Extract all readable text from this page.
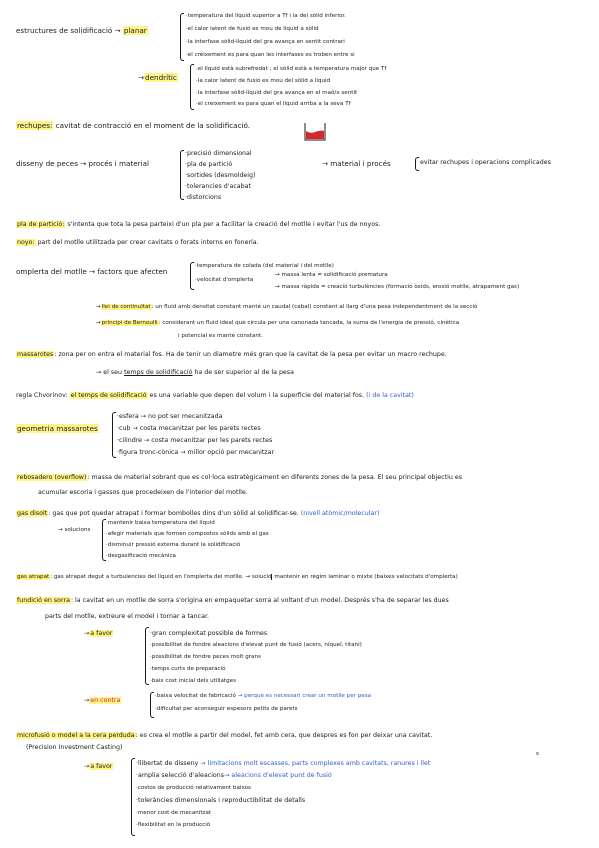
estructures de solidificació → planar
·temperatura del líquid superior a Tf i la del sòlid inferior.
·el calor latent de fusió es mou de líquid a sòlid
·la interfase sòlid-líquid del gra avança en sentit contrari
·el creixement es para quan les interfases es troben entre si
→dendrític
·el líquid està subrefredat ; el sòlid està a temperatura major que Tf
·la calor latent de fusió es mou del sòlid a líquid
·la interfase sòlid-líquid del gra avança en el maó/x sentit
·el creixement es para quan el líquid arriba a la seva Tf
rechupes: cavitat de contracció en el moment de la solidificació.
disseny de peces → procés i material
·precisió dimensional
·pla de partició
·sortides (desmoldeig)
·tolerancies d'acabat
·distorcions
→ material i procés	evitar rechupes i operacions complicades
pla de partició: s'intenta que tota la pesa parteixi d'un pla per a facilitar la creació del motlle i evitar l'us de noyos.
noyo: part del motlle utilitzada per crear cavitats o forats interns en fonería.
omplerta del motlle → factors que afecten
·temperatura de colada (del material i del motlle)
·velocitat d'omplerta
→ massa lenta = solidificació prematura
→ massa ràpida = creació turbulències (formació òxids, erosió motlle, atrapament gas)
→llei de continuïtat: un fluid amb densitat constant manté un caudal (cabal) constant al llarg d'una pesa independentment de la secció
→principi de Bernoulli: considerant un fluid ideal que circula per una canonada tancada, la suma de l'energia de pressió, cinètica
i potencial es manté constant.
massarotes: zona per on entra el material fos. Ha de tenir un diametre més gran que la cavitat de la pesa per evitar un macro rechupe.
→ el seu temps de solidificació ha de ser superior al de la pesa
regla Chvorinov: el temps de solidificació es una variable que depen del volum i la superficie del material fos. (i de la cavitat)
geometria massarotes
·esfera → no pot ser mecanitzada
·cub → costa mecanitzar per les parets rectes
·cilindre → costa mecanitzar per les parets rectes
·figura tronc-cònica → millor opció per mecanitzar
rebosadero (overflow): massa de material sobrant que es col·loca estratègicament en diferents zones de la pesa. El seu principal objectiu es
acumular escoria i gassos que procedeixen de l'interior del motlle.
gas disolt: gas que pot quedar atrapat i formar bombolles dins d'un sòlid al solidificar-se. (nivell atòmic/molecular)
→ solucions
·mantenir baixa temperatura del líquid
·afegir materials que formen compostos sòlids amb el gas
·disminuir pressió externa durant la solidificació
·desgasificació mecànica
gas atrapat: gas atrapat degut a turbulencies del líquid en l'omplerta del motlle. → solució mantenir en règim laminar o mixte (baixes velocitats d'omplerta)
fundició en sorra: la cavitat en un motlle de sorra s'origina en empaquetar sorra al voltant d'un model. Després s'ha de separar les dues
parts del motlle, extreure el model i tornar a tancar.
→a favor	·gran complexitat possible de formes
·possibilitat de fondre aleacions d'elevat punt de fusió (acers, níquel, titani)
·possibilitat de fondre peces molt grans
·temps curts de preparació
·baix cost inicial dels utillatges
→en contra
·baixa velocitat de fabricació → perquè es necessari crear un motlle per pesa
·dificultat per aconseguir espesors petits de parets
microfusió o model a la cera perduda: es crea el motlle a partir del model, fet amb cera, que despres es fon per deixar una cavitat.
(Precision Investment Casting)
s
→a favor	·llibertat de disseny → limitacions molt escasses, parts complexes amb cavitats, ranures i llet
·amplia selecció d'aleacions→ aleacions d'elevat punt de fusió
·costos de producció relativament baixos
·toleràncies dimensionals i reproductibilitat de detalls
·menor cost de mecanitzat
·flexibilitat en la producció
